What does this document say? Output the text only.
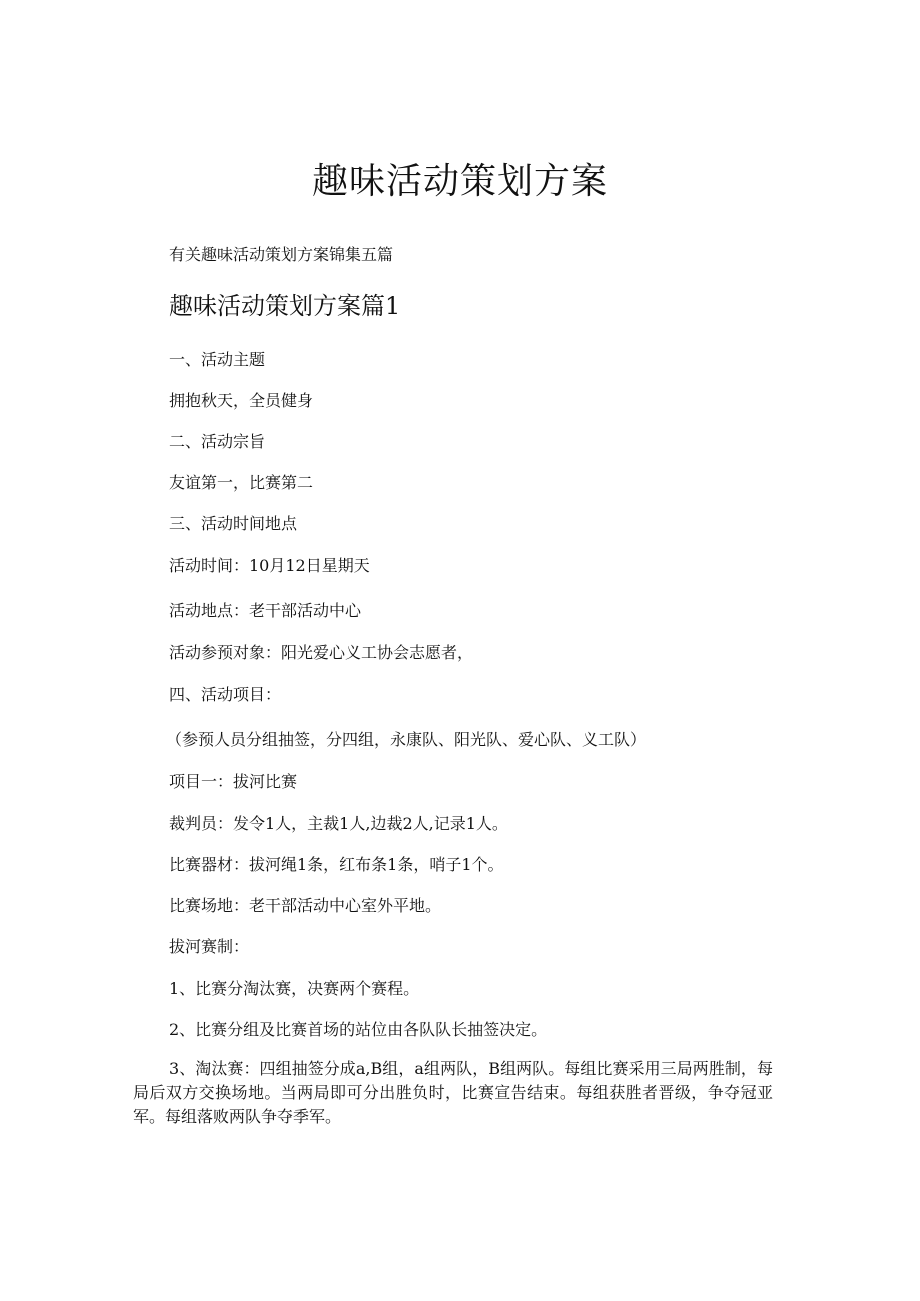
趣味活动策划方案
有关趣味活动策划方案锦集五篇
趣味活动策划方案篇1
一、活动主题
拥抱秋天，全员健身
二、活动宗旨
友谊第一，比赛第二
三、活动时间地点
活动时间：10月12日星期天
活动地点：老干部活动中心
活动参预对象：阳光爱心义工协会志愿者，
四、活动项目：
（参预人员分组抽签，分四组，永康队、阳光队、爱心队、义工队）
项目一：拔河比赛
裁判员：发令1人，主裁1人,边裁2人,记录1人。
比赛器材：拔河绳1条，红布条1条，哨子1个。
比赛场地：老干部活动中心室外平地。
拔河赛制：
1、比赛分淘汰赛，决赛两个赛程。
2、比赛分组及比赛首场的站位由各队队长抽签决定。
3、淘汰赛：四组抽签分成a,B组，a组两队，B组两队。每组比赛采用三局两胜制，每局后双方交换场地。当两局即可分出胜负时，比赛宣告结束。每组获胜者晋级，争夺冠亚军。每组落败两队争夺季军。
